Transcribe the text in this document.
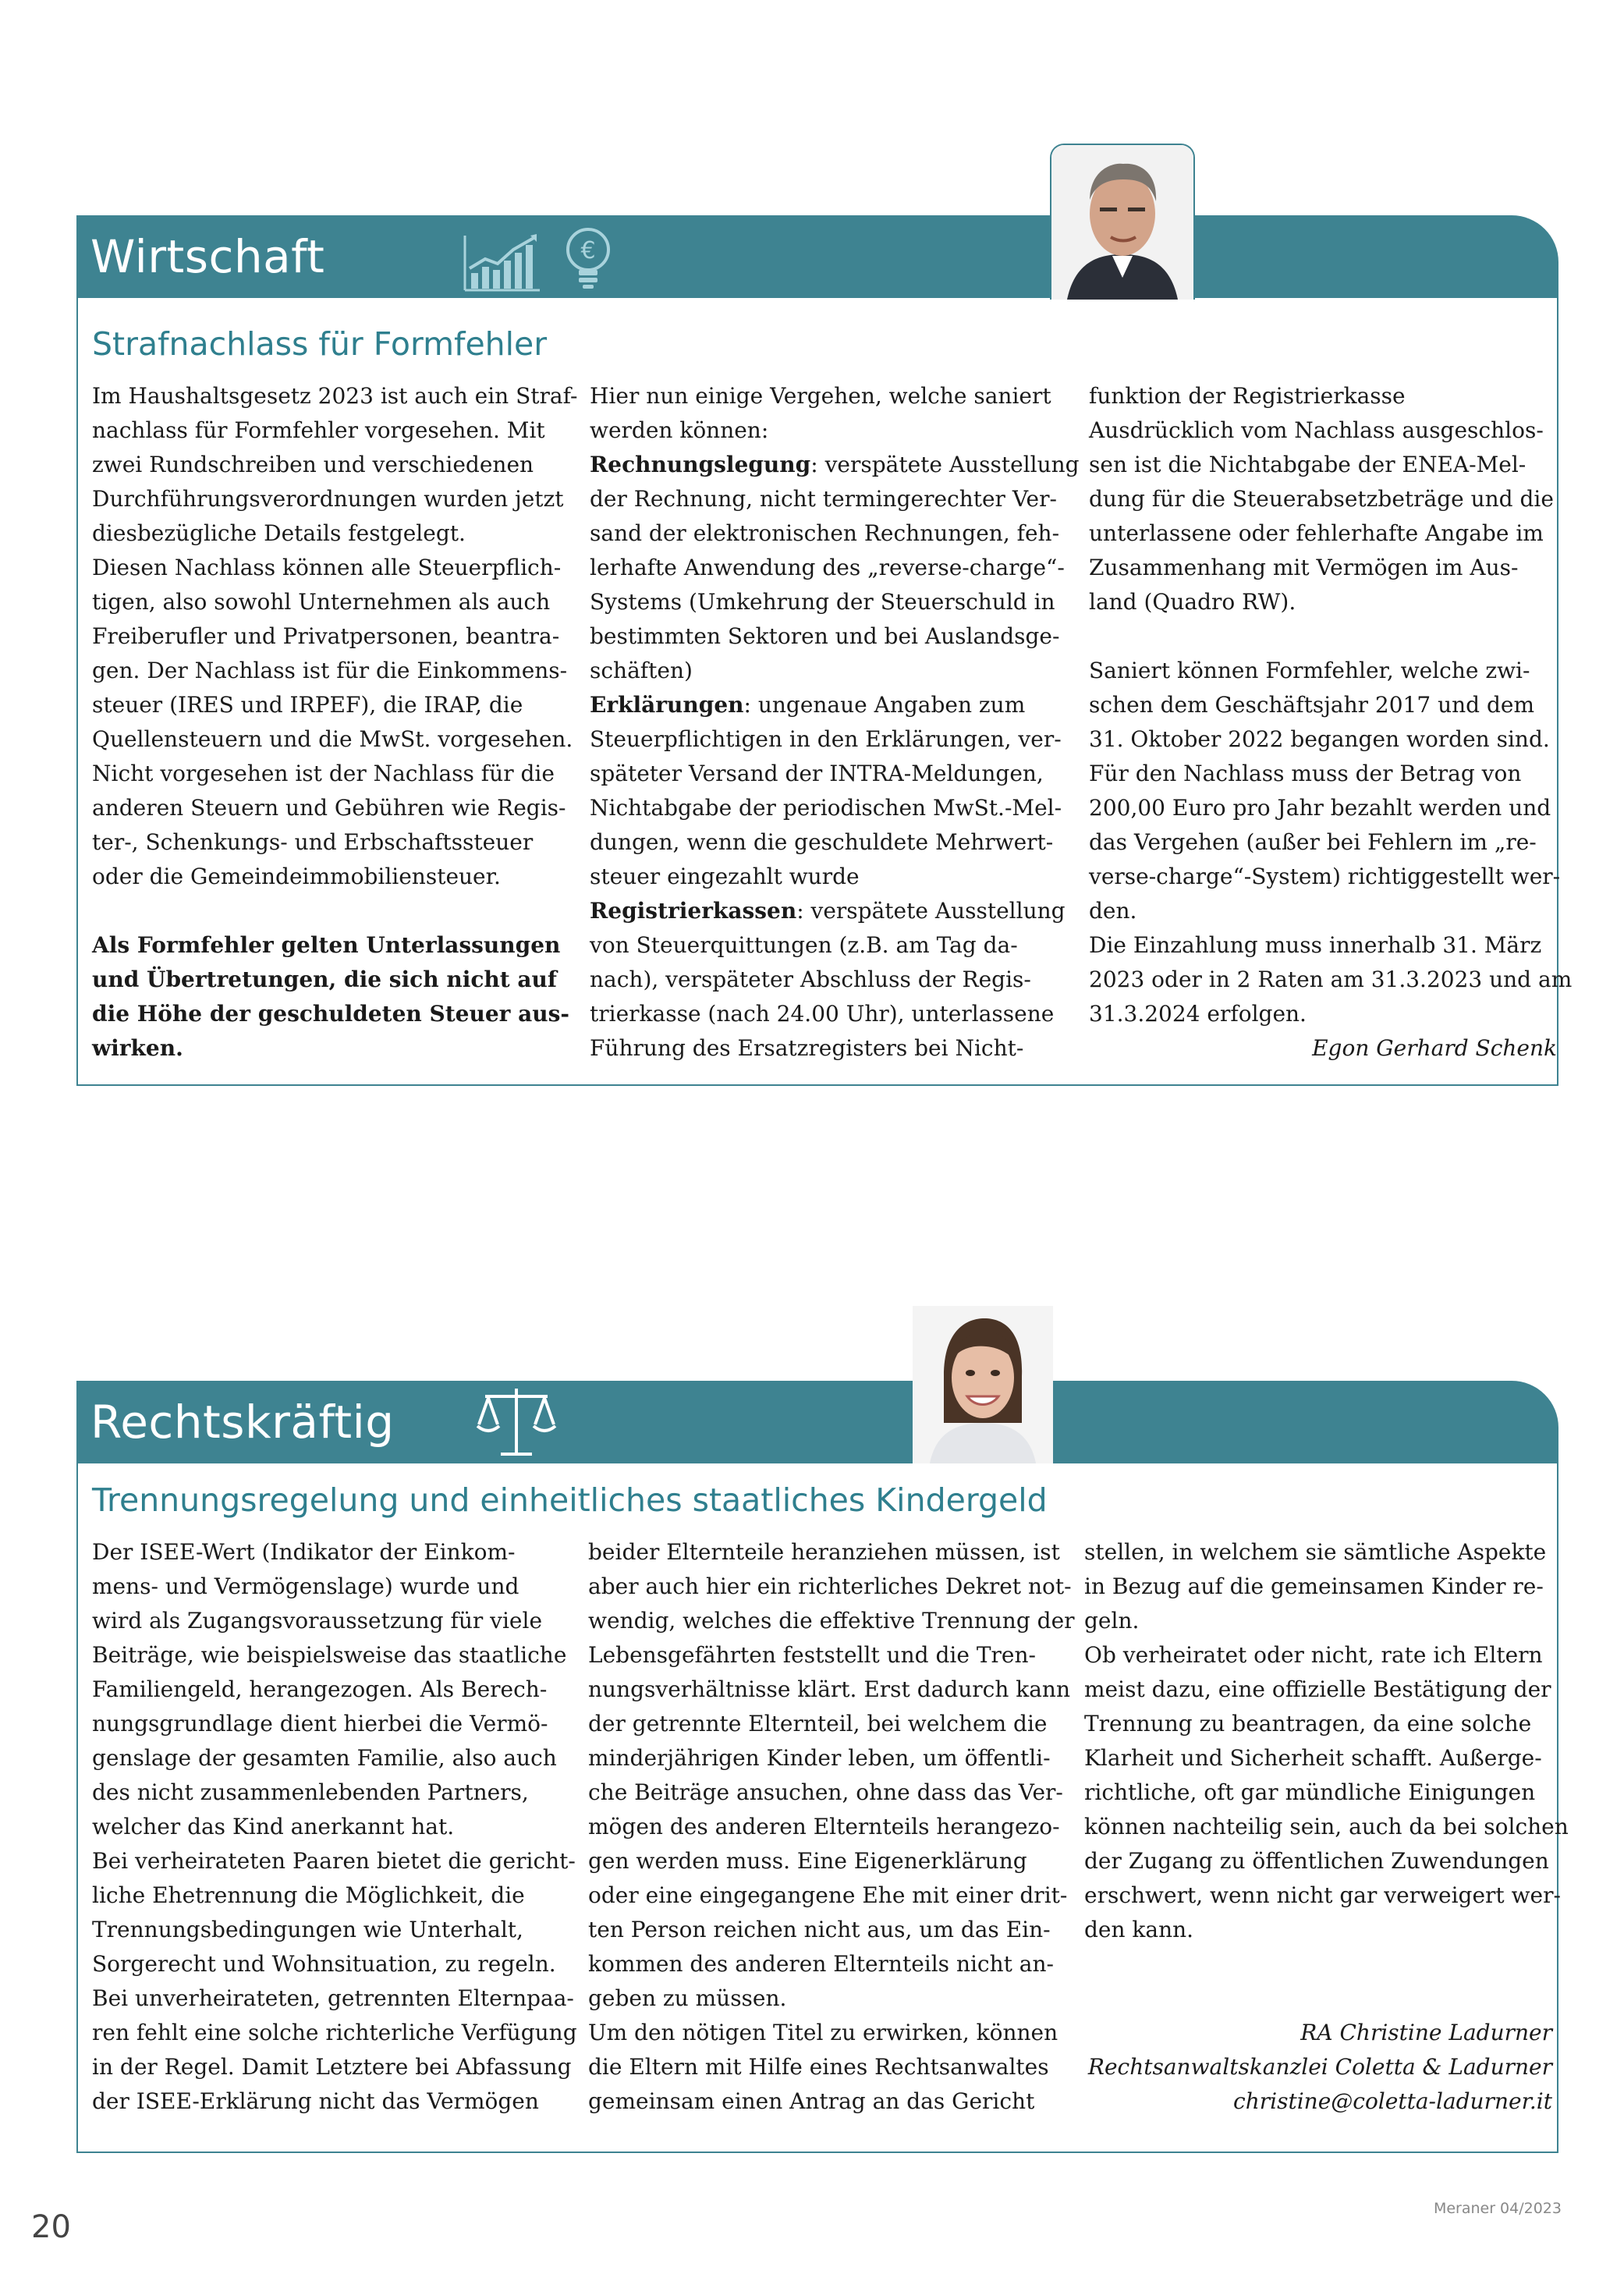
Wirtschaft	€
Strafnachlass für Formfehler

Im Haushaltsgesetz 2023 ist auch ein Straf-

nachlass für Formfehler vorgesehen. Mit

zwei Rundschreiben und verschiedenen

Durchführungsverordnungen wurden jetzt

diesbezügliche Details festgelegt.

Diesen Nachlass können alle Steuerpflich-

tigen, also sowohl Unternehmen als auch

Freiberufler und Privatpersonen, beantra-

gen. Der Nachlass ist für die Einkommens-

steuer (IRES und IRPEF), die IRAP, die

Quellensteuern und die MwSt. vorgesehen.

Nicht vorgesehen ist der Nachlass für die

anderen Steuern und Gebühren wie Regis-

ter-, Schenkungs- und Erbschaftssteuer

oder die Gemeindeimmobiliensteuer.

Als Formfehler gelten Unterlassungen

und Übertretungen, die sich nicht auf

die Höhe der geschuldeten Steuer aus-

wirken.

Hier nun einige Vergehen, welche saniert

werden können:

Rechnungslegung: verspätete Ausstellung

der Rechnung, nicht termingerechter Ver-

sand der elektronischen Rechnungen, feh-

lerhafte Anwendung des „reverse-charge“-

Systems (Umkehrung der Steuerschuld in

bestimmten Sektoren und bei Auslandsge-

schäften)

Erklärungen: ungenaue Angaben zum

Steuerpflichtigen in den Erklärungen, ver-

späteter Versand der INTRA-Meldungen,

Nichtabgabe der periodischen MwSt.-Mel-

dungen, wenn die geschuldete Mehrwert-

steuer eingezahlt wurde

Registrierkassen: verspätete Ausstellung

von Steuerquittungen (z.B. am Tag da-

nach), verspäteter Abschluss der Regis-

trierkasse (nach 24.00 Uhr), unterlassene

Führung des Ersatzregisters bei Nicht-

funktion der Registrierkasse

Ausdrücklich vom Nachlass ausgeschlos-

sen ist die Nichtabgabe der ENEA-Mel-

dung für die Steuerabsetzbeträge und die

unterlassene oder fehlerhafte Angabe im

Zusammenhang mit Vermögen im Aus-

land (Quadro RW).

Saniert können Formfehler, welche zwi-

schen dem Geschäftsjahr 2017 und dem

31. Oktober 2022 begangen worden sind.

Für den Nachlass muss der Betrag von

200,00 Euro pro Jahr bezahlt werden und

das Vergehen (außer bei Fehlern im „re-

verse-charge“-System) richtiggestellt wer-

den.

Die Einzahlung muss innerhalb 31. März

2023 oder in 2 Raten am 31.3.2023 und am

31.3.2024 erfolgen.

Egon Gerhard Schenk

Rechtskräftig
Trennungsregelung und einheitliches staatliches Kindergeld

Der ISEE-Wert (Indikator der Einkom-

mens- und Vermögenslage) wurde und

wird als Zugangsvoraussetzung für viele

Beiträge, wie beispielsweise das staatliche

Familiengeld, herangezogen. Als Berech-

nungsgrundlage dient hierbei die Vermö-

genslage der gesamten Familie, also auch

des nicht zusammenlebenden Partners,

welcher das Kind anerkannt hat.

Bei verheirateten Paaren bietet die gericht-

liche Ehetrennung die Möglichkeit, die

Trennungsbedingungen wie Unterhalt,

Sorgerecht und Wohnsituation, zu regeln.

Bei unverheirateten, getrennten Elternpaa-

ren fehlt eine solche richterliche Verfügung

in der Regel. Damit Letztere bei Abfassung

der ISEE-Erklärung nicht das Vermögen

beider Elternteile heranziehen müssen, ist

aber auch hier ein richterliches Dekret not-

wendig, welches die effektive Trennung der

Lebensgefährten feststellt und die Tren-

nungsverhältnisse klärt. Erst dadurch kann

der getrennte Elternteil, bei welchem die

minderjährigen Kinder leben, um öffentli-

che Beiträge ansuchen, ohne dass das Ver-

mögen des anderen Elternteils herangezo-

gen werden muss. Eine Eigenerklärung

oder eine eingegangene Ehe mit einer drit-

ten Person reichen nicht aus, um das Ein-

kommen des anderen Elternteils nicht an-

geben zu müssen.

Um den nötigen Titel zu erwirken, können

die Eltern mit Hilfe eines Rechtsanwaltes

gemeinsam einen Antrag an das Gericht

stellen, in welchem sie sämtliche Aspekte

in Bezug auf die gemeinsamen Kinder re-

geln.

Ob verheiratet oder nicht, rate ich Eltern

meist dazu, eine offizielle Bestätigung der

Trennung zu beantragen, da eine solche

Klarheit und Sicherheit schafft. Außerge-

richtliche, oft gar mündliche Einigungen

können nachteilig sein, auch da bei solchen

der Zugang zu öffentlichen Zuwendungen

erschwert, wenn nicht gar verweigert wer-

den kann.

RA Christine Ladurner

Rechtsanwaltskanzlei Coletta & Ladurner

christine@coletta-ladurner.it

20
Meraner 04/2023
